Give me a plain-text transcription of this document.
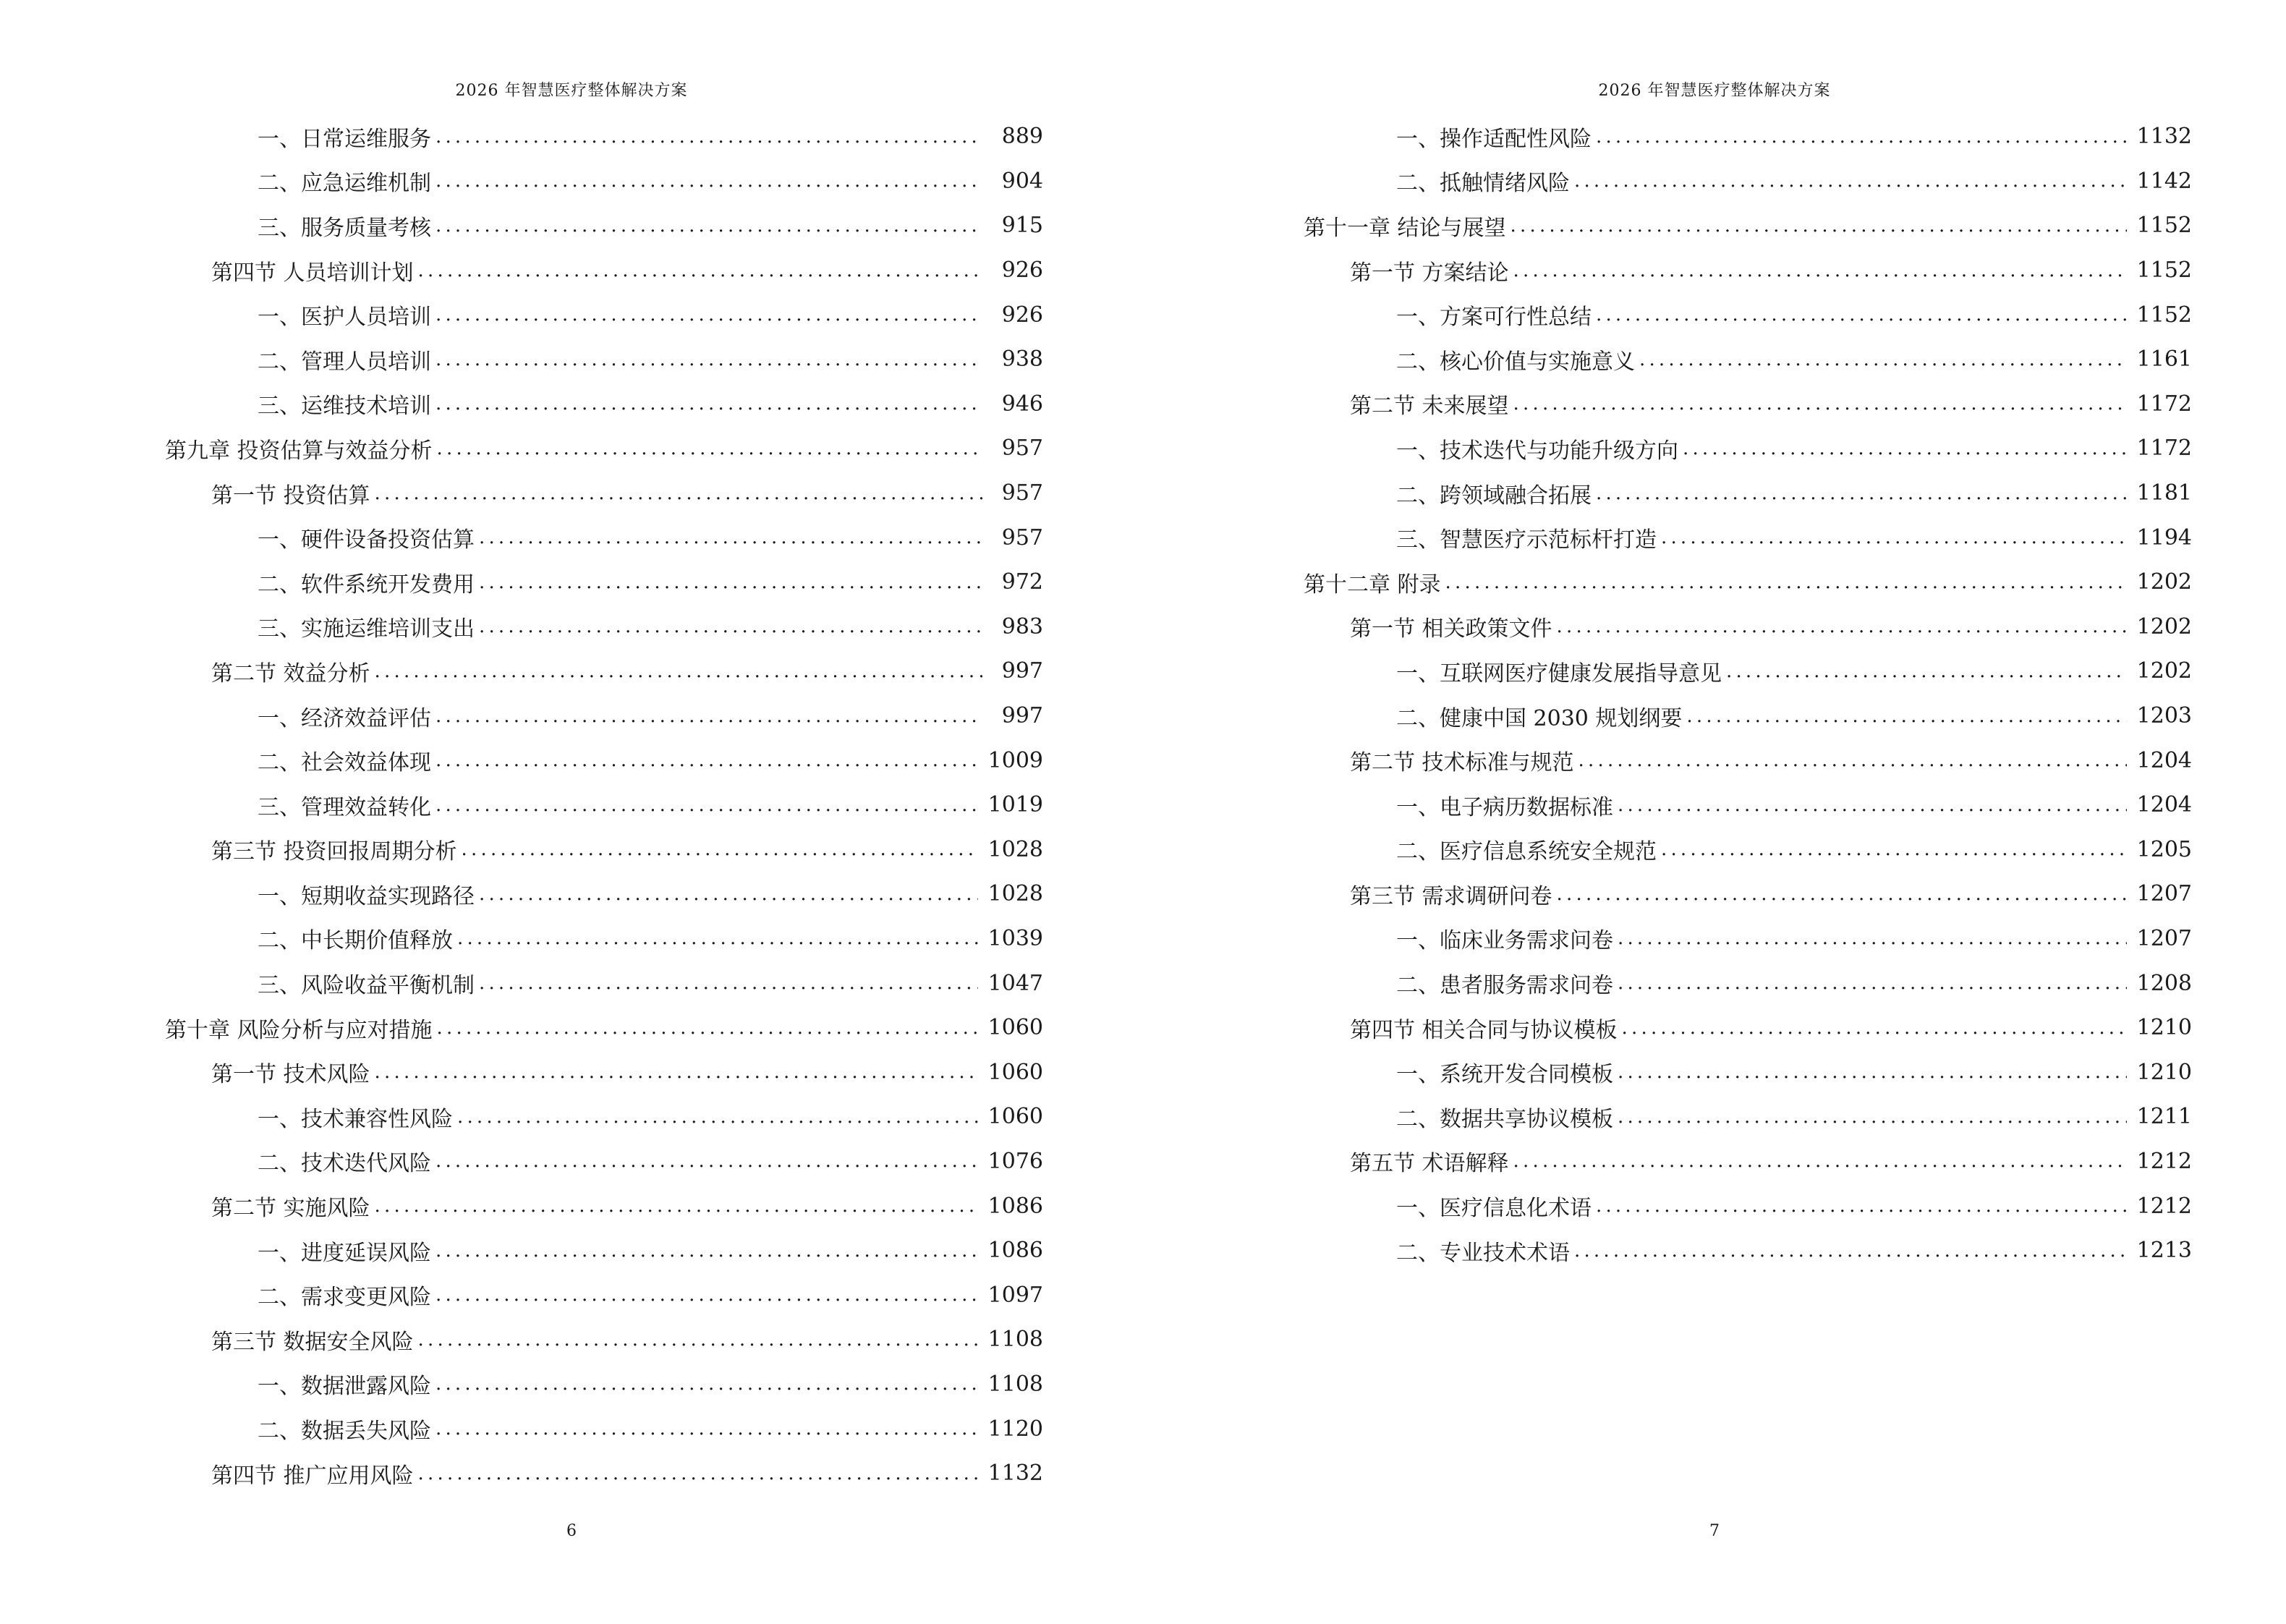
2026 年智慧医疗整体解决方案
一、日常运维服务 .....	889
二、应急运维机制 .....	904
三、服务质量考核 .....	915
第四节 人员培训计划 .....	926
一、医护人员培训 .....	926
二、管理人员培训 .....	938
三、运维技术培训 .....	946
第九章 投资估算与效益分析 .....	957
第一节 投资估算 .....	957
一、硬件设备投资估算 .....	957
二、软件系统开发费用 .....	972
三、实施运维培训支出 .....	983
第二节 效益分析 .....	997
一、经济效益评估 .....	997
二、社会效益体现 .....	1009
三、管理效益转化 .....	1019
第三节 投资回报周期分析 .....	1028
一、短期收益实现路径 .....	1028
二、中长期价值释放 .....	1039
三、风险收益平衡机制 .....	1047
第十章 风险分析与应对措施 .....	1060
第一节 技术风险 .....	1060
一、技术兼容性风险 .....	1060
二、技术迭代风险 .....	1076
第二节 实施风险 .....	1086
一、进度延误风险 .....	1086
二、需求变更风险 .....	1097
第三节 数据安全风险 .....	1108
一、数据泄露风险 .....	1108
二、数据丢失风险 .....	1120
第四节 推广应用风险 .....	1132
6
2026 年智慧医疗整体解决方案
一、操作适配性风险 .....	1132
二、抵触情绪风险 .....	1142
第十一章 结论与展望 .....	1152
第一节 方案结论 .....	1152
一、方案可行性总结 .....	1152
二、核心价值与实施意义 .....	1161
第二节 未来展望 .....	1172
一、技术迭代与功能升级方向 .....	1172
二、跨领域融合拓展 .....	1181
三、智慧医疗示范标杆打造 .....	1194
第十二章 附录 .....	1202
第一节 相关政策文件 .....	1202
一、互联网医疗健康发展指导意见 .....	1202
二、健康中国 2030 规划纲要 .....	1203
第二节 技术标准与规范 .....	1204
一、电子病历数据标准 .....	1204
二、医疗信息系统安全规范 .....	1205
第三节 需求调研问卷 .....	1207
一、临床业务需求问卷 .....	1207
二、患者服务需求问卷 .....	1208
第四节 相关合同与协议模板 .....	1210
一、系统开发合同模板 .....	1210
二、数据共享协议模板 .....	1211
第五节 术语解释 .....	1212
一、医疗信息化术语 .....	1212
二、专业技术术语 .....	1213
7
